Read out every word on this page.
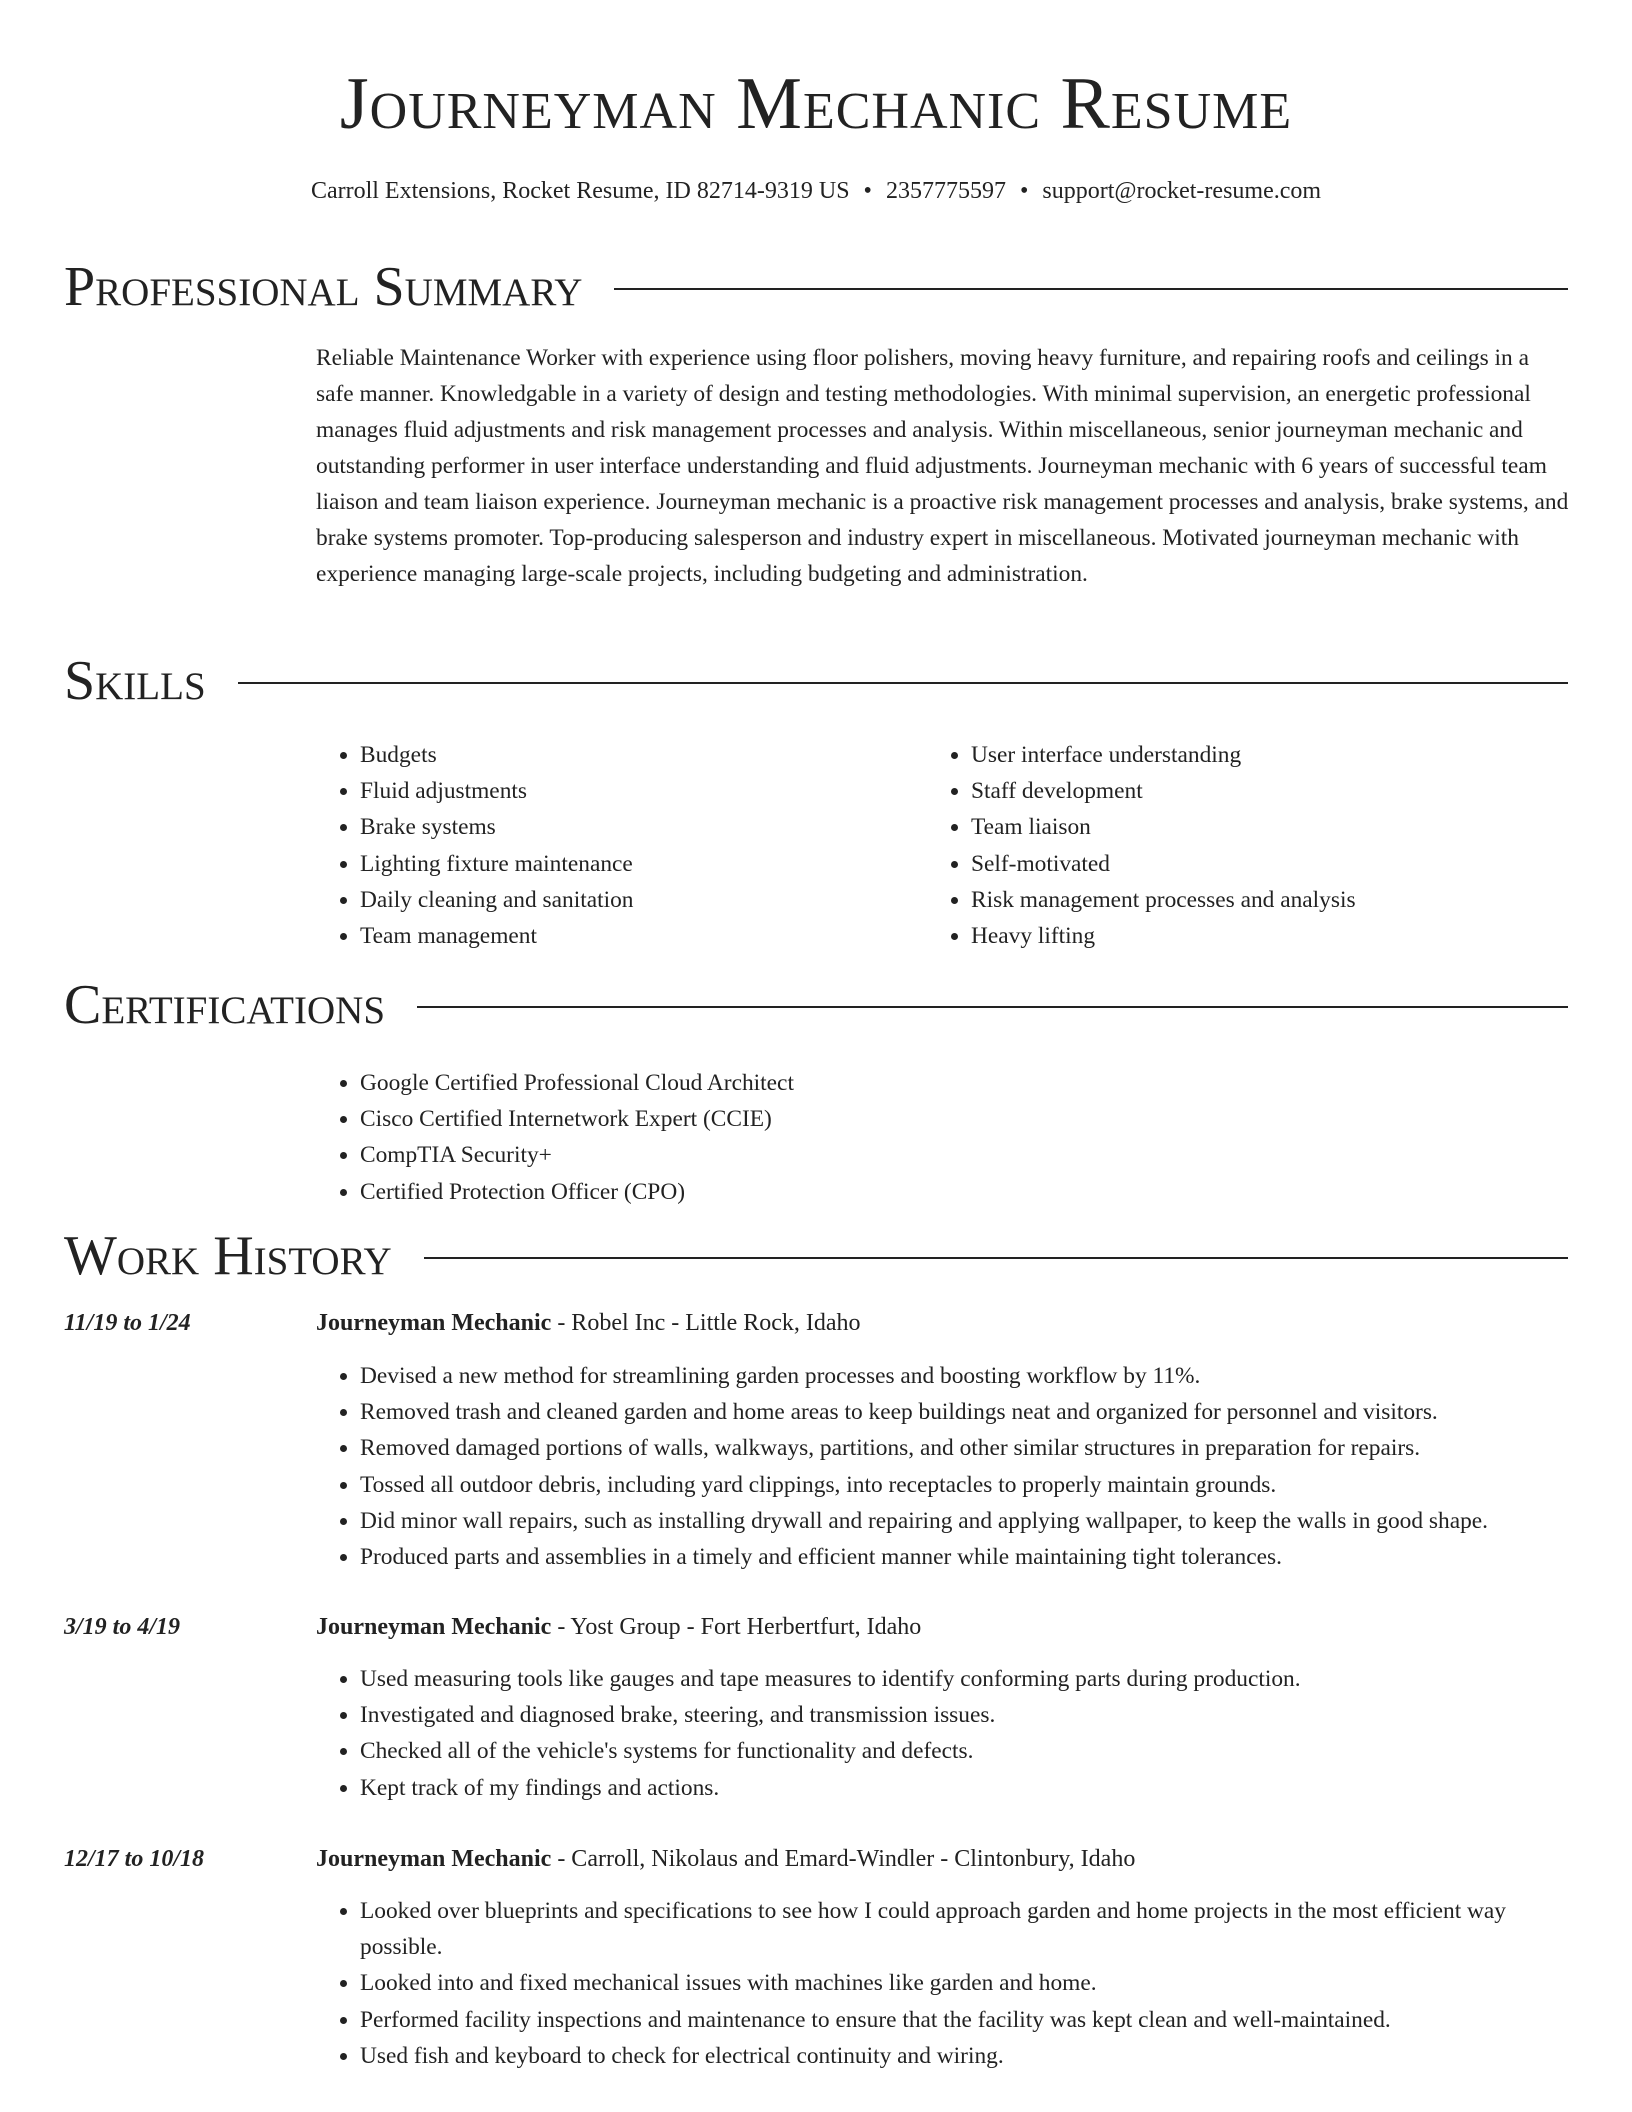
Journeyman Mechanic Resume
Carroll Extensions, Rocket Resume, ID 82714-9319 US • 2357775597 • support@rocket-resume.com
Professional Summary
Reliable Maintenance Worker with experience using floor polishers, moving heavy furniture, and repairing roofs and ceilings in a safe manner. Knowledgable in a variety of design and testing methodologies. With minimal supervision, an energetic professional manages fluid adjustments and risk management processes and analysis. Within miscellaneous, senior journeyman mechanic and outstanding performer in user interface understanding and fluid adjustments. Journeyman mechanic with 6 years of successful team liaison and team liaison experience. Journeyman mechanic is a proactive risk management processes and analysis, brake systems, and brake systems promoter. Top-producing salesperson and industry expert in miscellaneous. Motivated journeyman mechanic with experience managing large-scale projects, including budgeting and administration.
Skills
• Budgets
• Fluid adjustments
• Brake systems
• Lighting fixture maintenance
• Daily cleaning and sanitation
• Team management
• User interface understanding
• Staff development
• Team liaison
• Self-motivated
• Risk management processes and analysis
• Heavy lifting
Certifications
• Google Certified Professional Cloud Architect
• Cisco Certified Internetwork Expert (CCIE)
• CompTIA Security+
• Certified Protection Officer (CPO)
Work History
11/19 to 1/24	Journeyman Mechanic - Robel Inc - Little Rock, Idaho
• Devised a new method for streamlining garden processes and boosting workflow by 11%.
• Removed trash and cleaned garden and home areas to keep buildings neat and organized for personnel and visitors.
• Removed damaged portions of walls, walkways, partitions, and other similar structures in preparation for repairs.
• Tossed all outdoor debris, including yard clippings, into receptacles to properly maintain grounds.
• Did minor wall repairs, such as installing drywall and repairing and applying wallpaper, to keep the walls in good shape.
• Produced parts and assemblies in a timely and efficient manner while maintaining tight tolerances.
3/19 to 4/19	Journeyman Mechanic - Yost Group - Fort Herbertfurt, Idaho
• Used measuring tools like gauges and tape measures to identify conforming parts during production.
• Investigated and diagnosed brake, steering, and transmission issues.
• Checked all of the vehicle's systems for functionality and defects.
• Kept track of my findings and actions.
12/17 to 10/18	Journeyman Mechanic - Carroll, Nikolaus and Emard-Windler - Clintonbury, Idaho
• Looked over blueprints and specifications to see how I could approach garden and home projects in the most efficient way possible.
• Looked into and fixed mechanical issues with machines like garden and home.
• Performed facility inspections and maintenance to ensure that the facility was kept clean and well-maintained.
• Used fish and keyboard to check for electrical continuity and wiring.
